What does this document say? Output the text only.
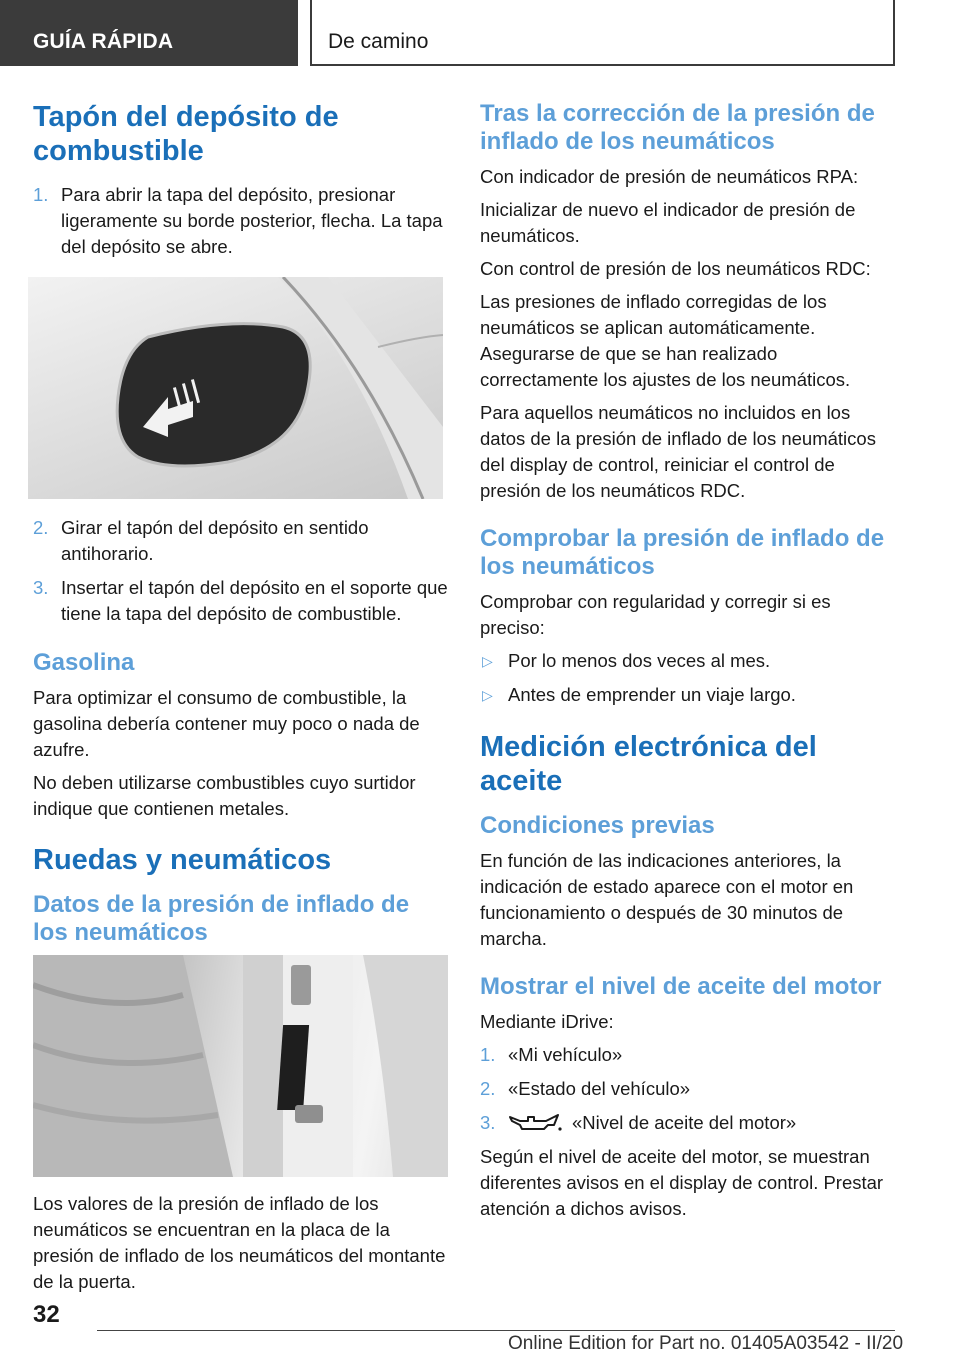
GUÍA RÁPIDA	De camino
Tapón del depósito de combustible
1. Para abrir la tapa del depósito, presionar ligeramente su borde posterior, flecha. La tapa del depósito se abre.
2. Girar el tapón del depósito en sentido antihorario.
3. Insertar el tapón del depósito en el soporte que tiene la tapa del depósito de combustible.
Gasolina
Para optimizar el consumo de combustible, la gasolina debería contener muy poco o nada de azufre.
No deben utilizarse combustibles cuyo surtidor indique que contienen metales.
Ruedas y neumáticos
Datos de la presión de inflado de los neumáticos
Los valores de la presión de inflado de los neumáticos se encuentran en la placa de la presión de inflado de los neumáticos del montante de la puerta.
Tras la corrección de la presión de inflado de los neumáticos
Con indicador de presión de neumáticos RPA:
Inicializar de nuevo el indicador de presión de neumáticos.
Con control de presión de los neumáticos RDC:
Las presiones de inflado corregidas de los neumáticos se aplican automáticamente. Asegurarse de que se han realizado correctamente los ajustes de los neumáticos.
Para aquellos neumáticos no incluidos en los datos de la presión de inflado de los neumáticos del display de control, reiniciar el control de presión de los neumáticos RDC.
Comprobar la presión de inflado de los neumáticos
Comprobar con regularidad y corregir si es preciso:
▷ Por lo menos dos veces al mes.
▷ Antes de emprender un viaje largo.
Medición electrónica del aceite
Condiciones previas
En función de las indicaciones anteriores, la indicación de estado aparece con el motor en funcionamiento o después de 30 minutos de marcha.
Mostrar el nivel de aceite del motor
Mediante iDrive:
1. «Mi vehículo»
2. «Estado del vehículo»
3.	«Nivel de aceite del motor»
Según el nivel de aceite del motor, se muestran diferentes avisos en el display de control. Prestar atención a dichos avisos.
32
Online Edition for Part no. 01405A03542 - II/20
